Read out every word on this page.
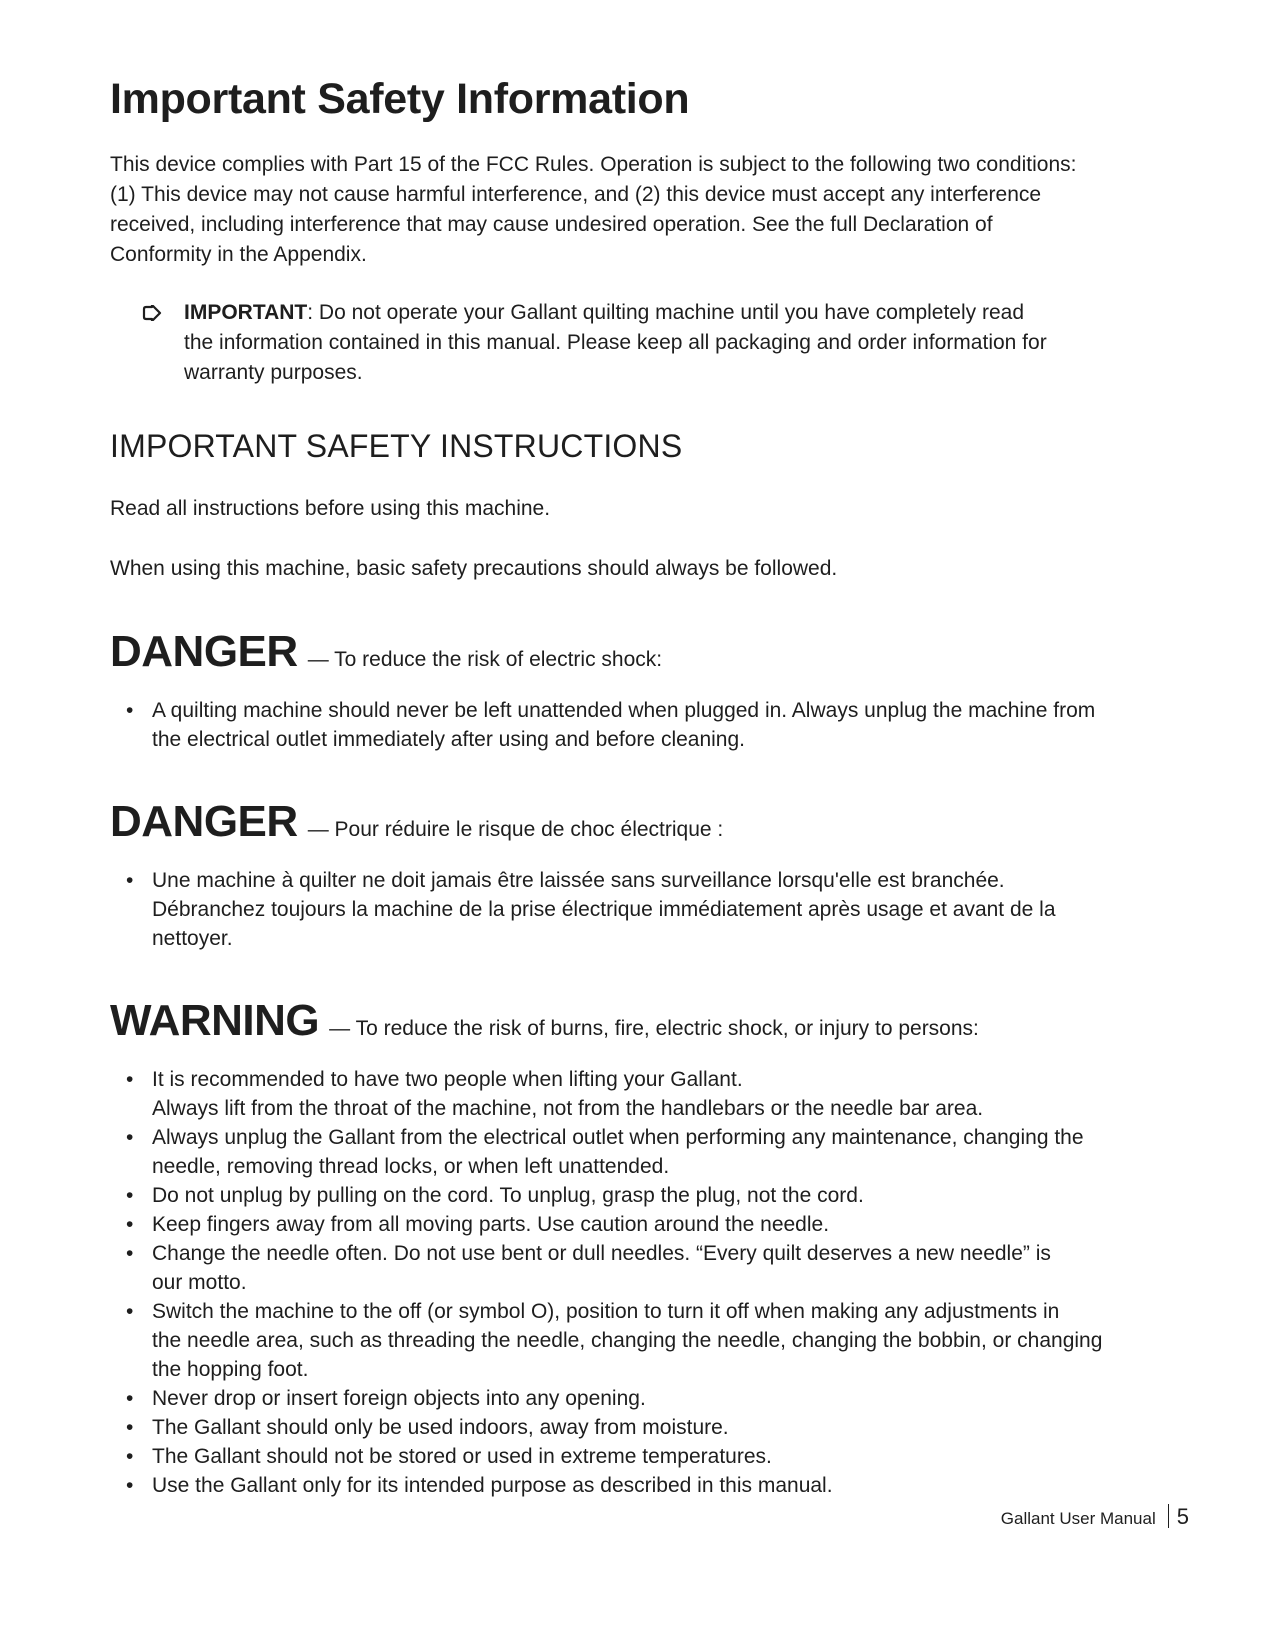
Important Safety Information

This device complies with Part 15 of the FCC Rules. Operation is subject to the following two conditions:
(1) This device may not cause harmful interference, and (2) this device must accept any interference
received, including interference that may cause undesired operation. See the full Declaration of
Conformity in the Appendix.

IMPORTANT: Do not operate your Gallant quilting machine until you have completely read
the information contained in this manual. Please keep all packaging and order information for
warranty purposes.
IMPORTANT SAFETY INSTRUCTIONS

Read all instructions before using this machine.

When using this machine, basic safety precautions should always be followed.

DANGER — To reduce the risk of electric shock:
• A quilting machine should never be left unattended when plugged in. Always unplug the machine from
the electrical outlet immediately after using and before cleaning.
DANGER — Pour réduire le risque de choc électrique :
• Une machine à quilter ne doit jamais être laissée sans surveillance lorsqu'elle est branchée.
Débranchez toujours la machine de la prise électrique immédiatement après usage et avant de la
nettoyer.
WARNING — To reduce the risk of burns, fire, electric shock, or injury to persons:
• It is recommended to have two people when lifting your Gallant.
Always lift from the throat of the machine, not from the handlebars or the needle bar area.
• Always unplug the Gallant from the electrical outlet when performing any maintenance, changing the
needle, removing thread locks, or when left unattended.
• Do not unplug by pulling on the cord. To unplug, grasp the plug, not the cord.
• Keep fingers away from all moving parts. Use caution around the needle.
• Change the needle often. Do not use bent or dull needles. “Every quilt deserves a new needle” is
our motto.
• Switch the machine to the off (or symbol O), position to turn it off when making any adjustments in
the needle area, such as threading the needle, changing the needle, changing the bobbin, or changing
the hopping foot.
• Never drop or insert foreign objects into any opening.
• The Gallant should only be used indoors, away from moisture.
• The Gallant should not be stored or used in extreme temperatures.
• Use the Gallant only for its intended purpose as described in this manual.
Gallant User Manual 5
